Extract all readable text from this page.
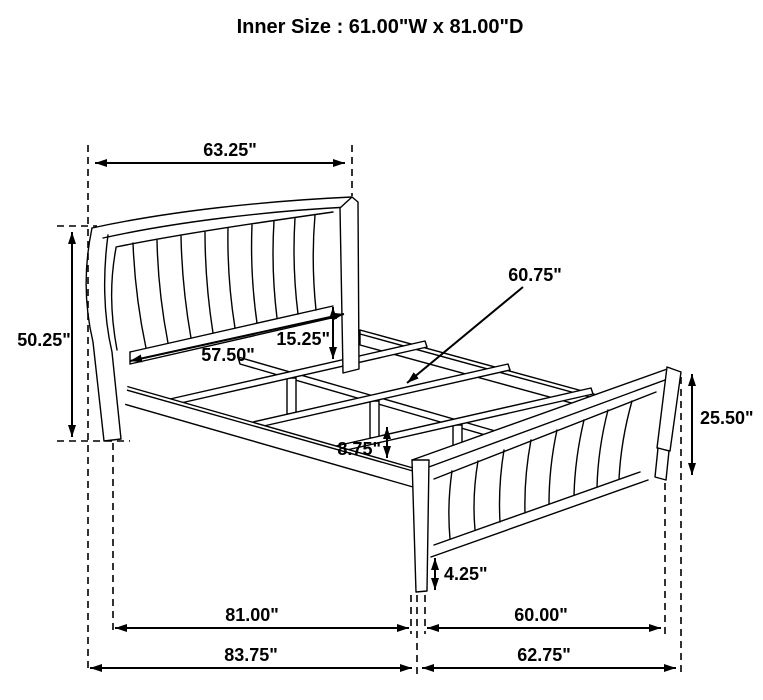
63.25"
50.25"
57.50"
15.25"
60.75"
8.75"
25.50"
4.25"
81.00"	60.00"
83.75"	62.75"
Inner Size : 61.00"W x 81.00"D
